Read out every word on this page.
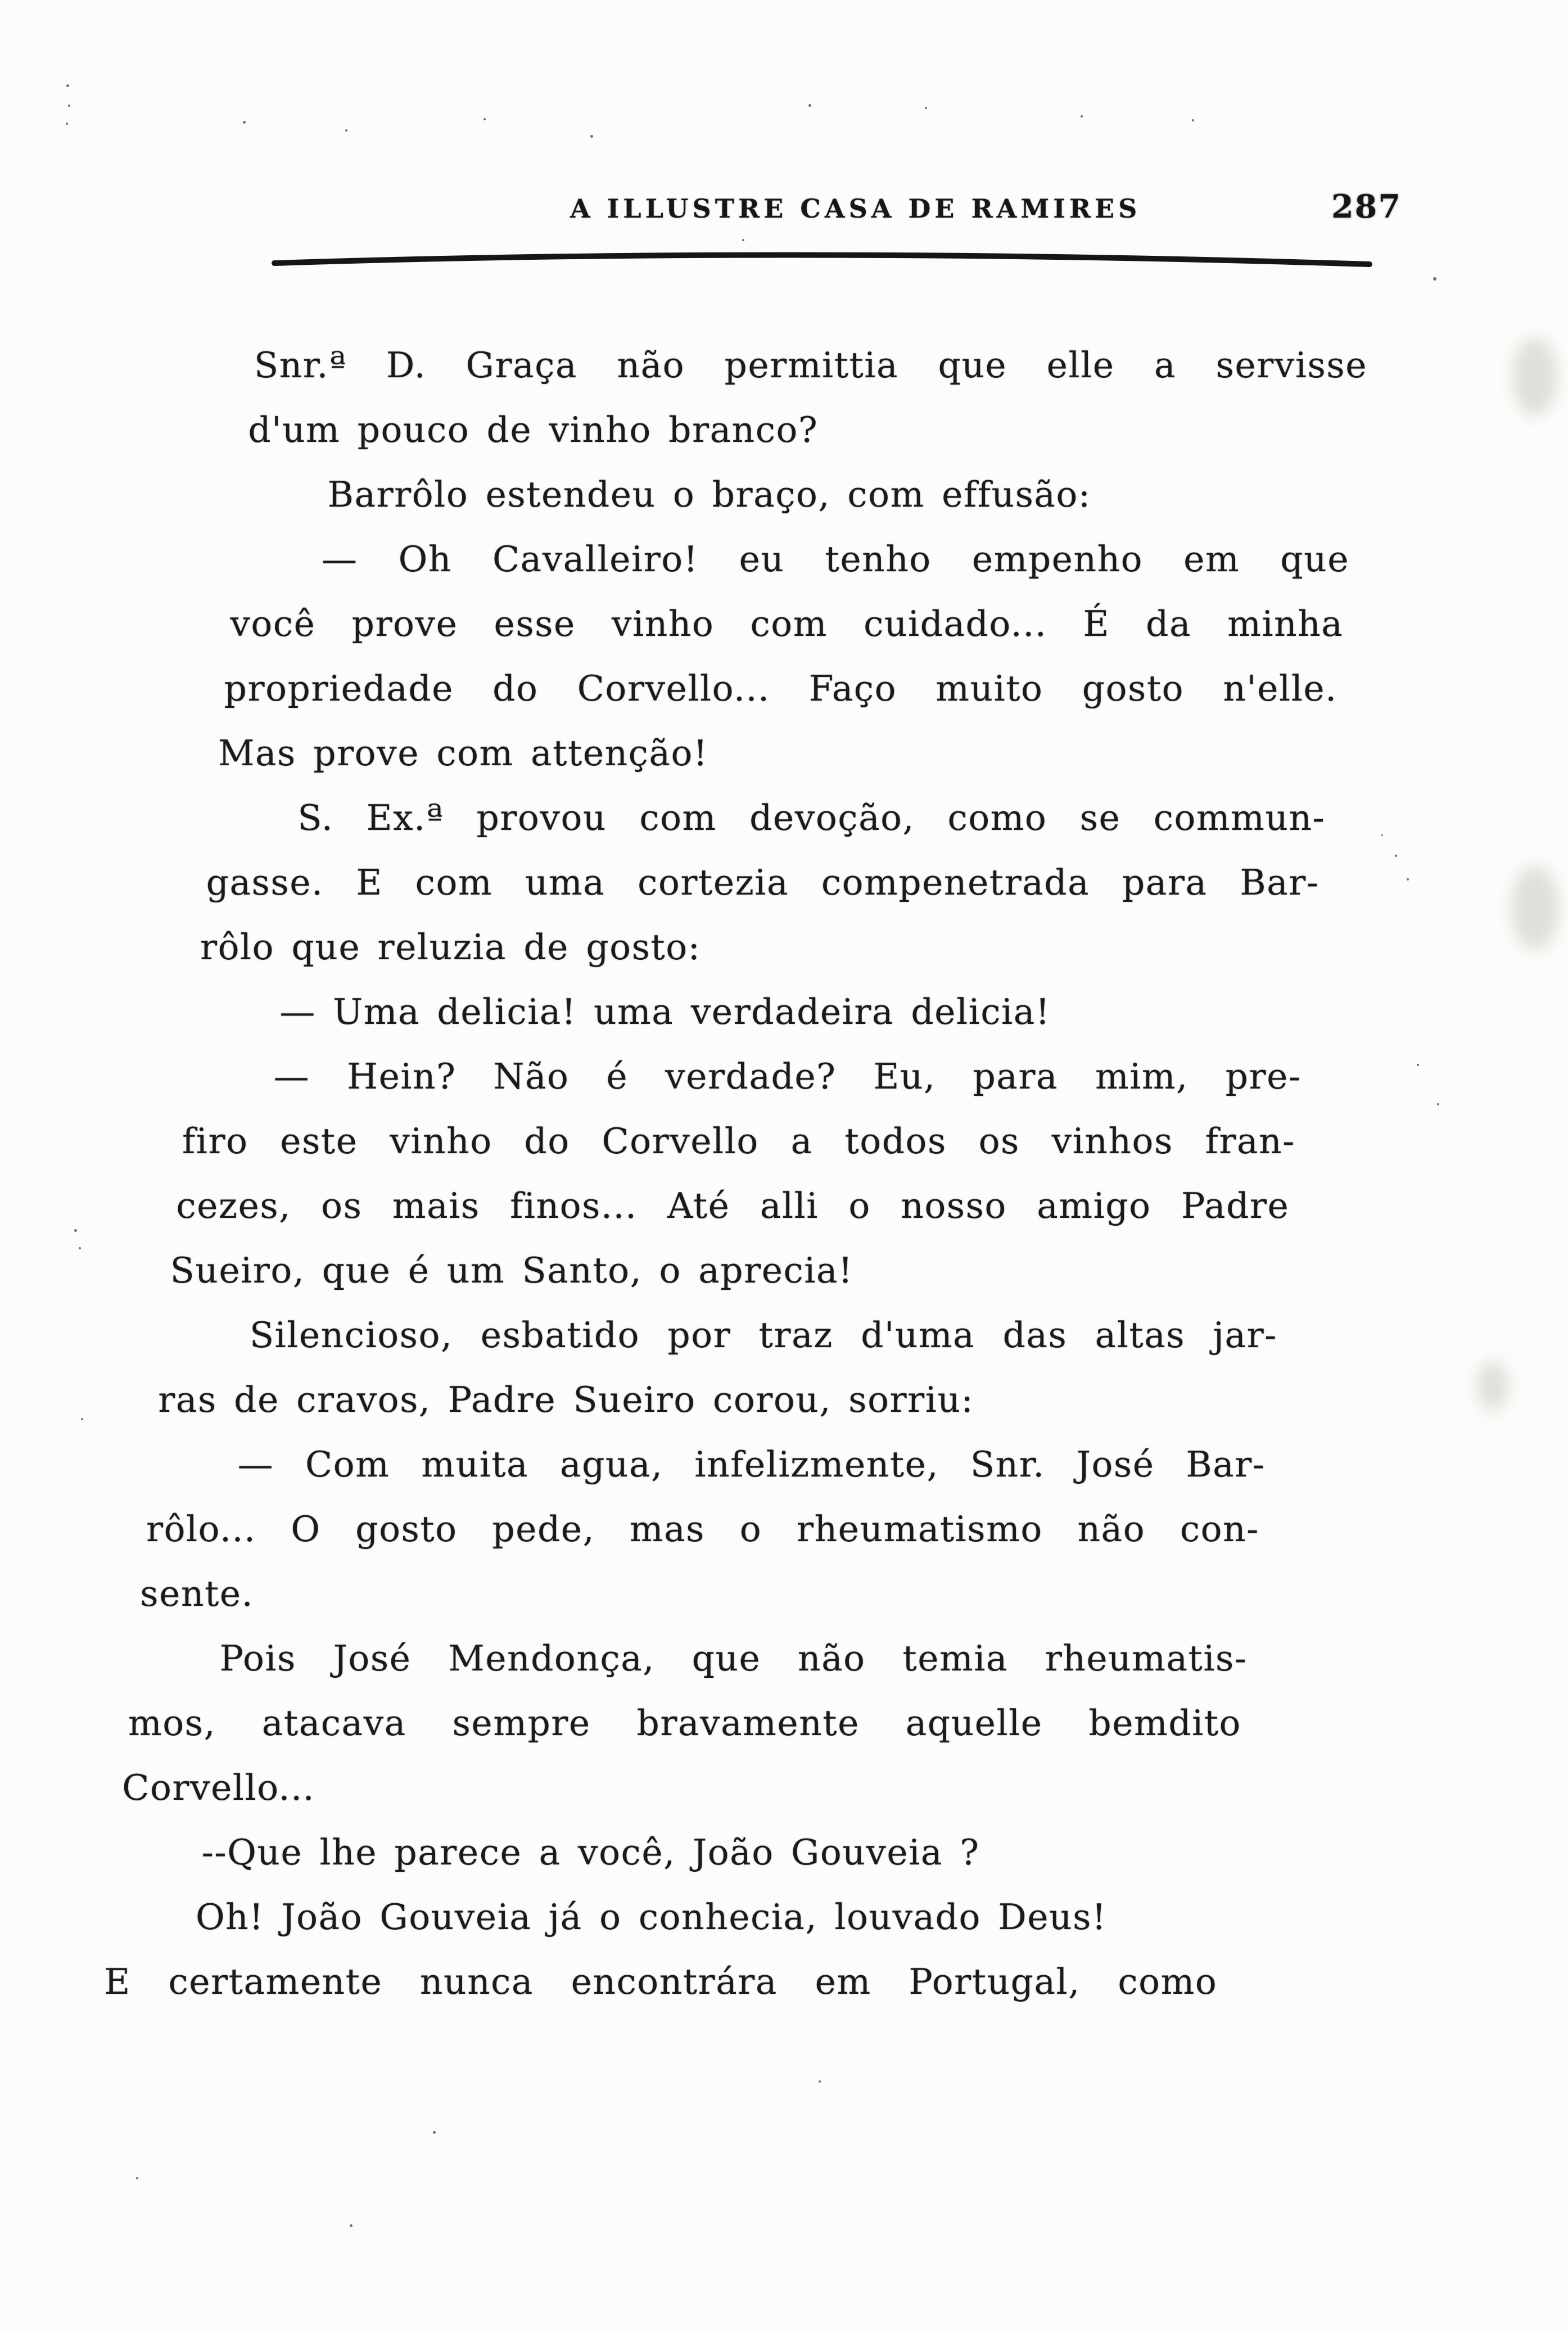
A ILLUSTRE CASA DE RAMIRES	287
Snr.ª D. Graça não permittia que elle a servisse
d'um pouco de vinho branco?
Barrôlo estendeu o braço, com effusão:
— Oh Cavalleiro! eu tenho empenho em que
você prove esse vinho com cuidado... É da minha
propriedade do Corvello... Faço muito gosto n'elle.
Mas prove com attenção!
S. Ex.ª provou com devoção, como se commun-
gasse. E com uma cortezia compenetrada para Bar-
rôlo que reluzia de gosto:
— Uma delicia! uma verdadeira delicia!
— Hein? Não é verdade? Eu, para mim, pre-
firo este vinho do Corvello a todos os vinhos fran-
cezes, os mais finos... Até alli o nosso amigo Padre
Sueiro, que é um Santo, o aprecia!
Silencioso, esbatido por traz d'uma das altas jar-
ras de cravos, Padre Sueiro corou, sorriu:
— Com muita agua, infelizmente, Snr. José Bar-
rôlo... O gosto pede, mas o rheumatismo não con-
sente.
Pois José Mendonça, que não temia rheumatis-
mos, atacava sempre bravamente aquelle bemdito
Corvello...
--Que lhe parece a você, João Gouveia ?
Oh! João Gouveia já o conhecia, louvado Deus!
E certamente nunca encontrára em Portugal, como
